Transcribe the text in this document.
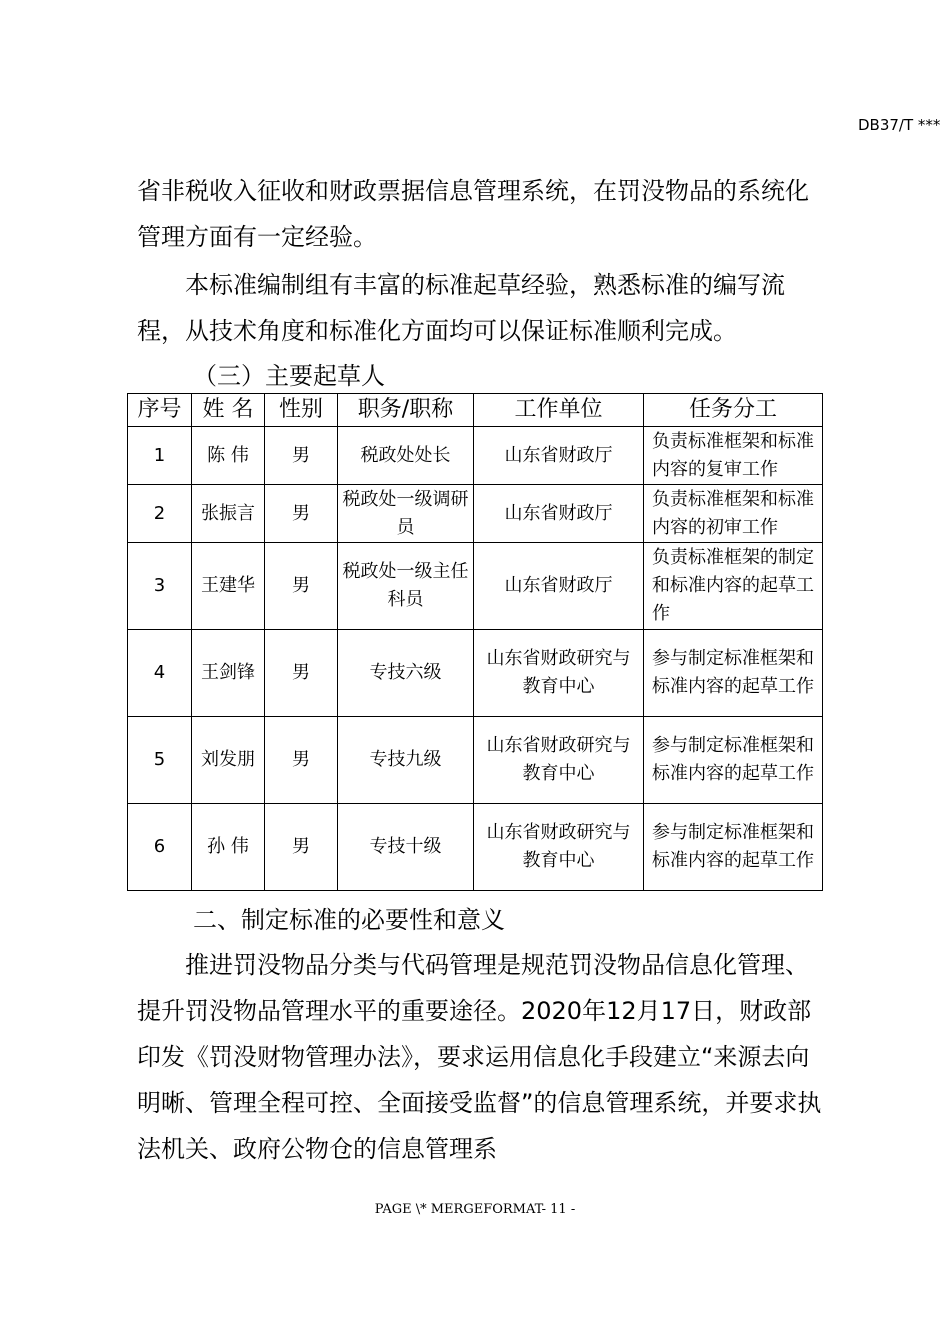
DB37/T ***

省非税收入征收和财政票据信息管理系统，在罚没物品的系统化管理方面有一定经验。

本标准编制组有丰富的标准起草经验，熟悉标准的编写流程，从技术角度和标准化方面均可以保证标准顺利完成。

（三）主要起草人
序号	姓 名	性别	职务/职称	工作单位	任务分工
1	陈 伟	男	税政处处长	山东省财政厅	负责标准框架和标准内容的复审工作
2	张振言	男	税政处一级调研员	山东省财政厅	负责标准框架和标准内容的初审工作
3	王建华	男	税政处一级主任科员	山东省财政厅	负责标准框架的制定和标准内容的起草工作
4	王剑锋	男	专技六级	山东省财政研究与教育中心	参与制定标准框架和标准内容的起草工作
5	刘发朋	男	专技九级	山东省财政研究与教育中心	参与制定标准框架和标准内容的起草工作
6	孙 伟	男	专技十级	山东省财政研究与教育中心	参与制定标准框架和标准内容的起草工作
二、制定标准的必要性和意义

推进罚没物品分类与代码管理是规范罚没物品信息化管理、提升罚没物品管理水平的重要途径。2020年12月17日，财政部印发《罚没财物管理办法》，要求运用信息化手段建立“来源去向明晰、管理全程可控、全面接受监督”的信息管理系统，并要求执法机关、政府公物仓的信息管理系

PAGE \* MERGEFORMAT- 11 -
